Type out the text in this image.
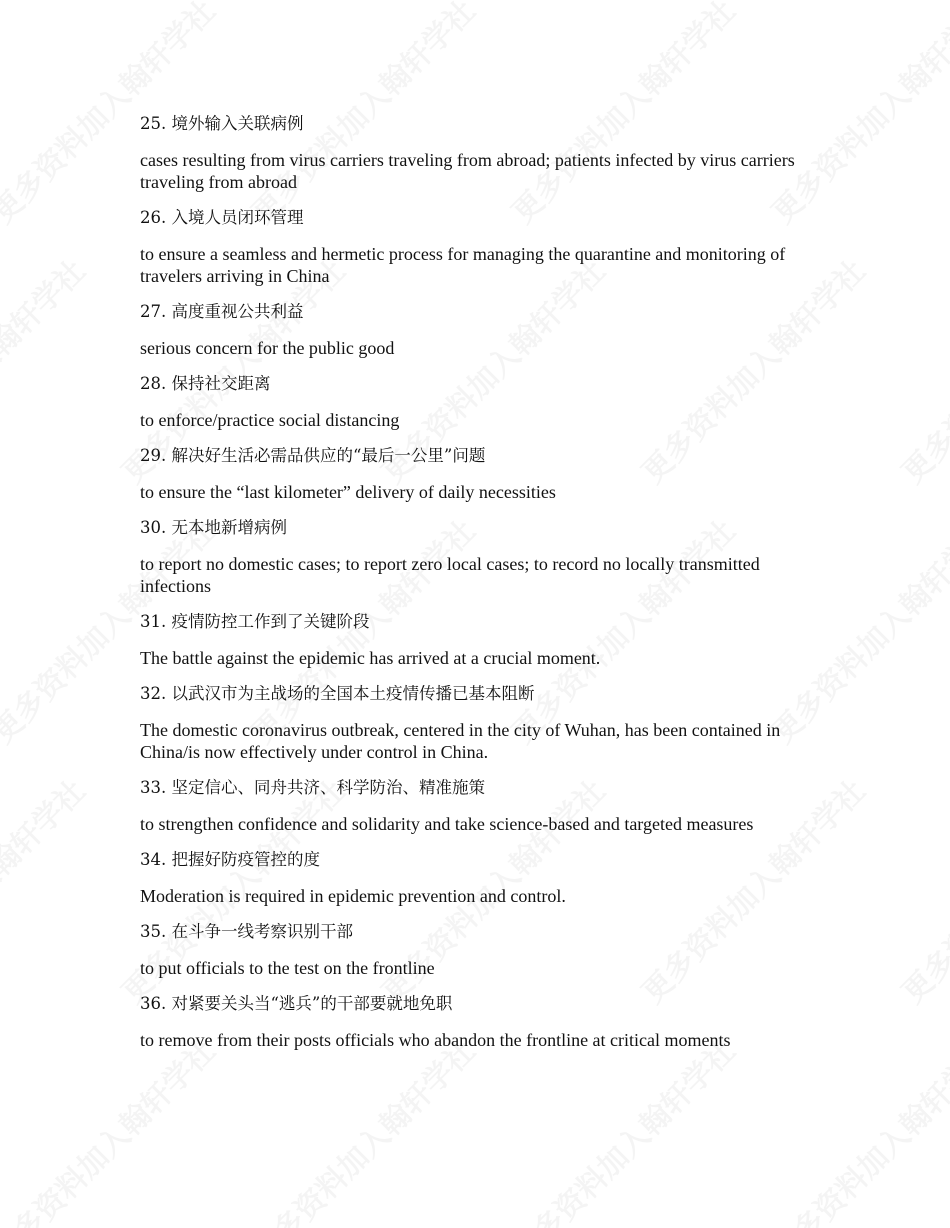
25. 境外输入关联病例

cases resulting from virus carriers traveling from abroad; patients infected by virus carriers traveling from abroad

26. 入境人员闭环管理

to ensure a seamless and hermetic process for managing the quarantine and monitoring of travelers arriving in China

27. 高度重视公共利益

serious concern for the public good

28. 保持社交距离

to enforce/practice social distancing

29. 解决好生活必需品供应的“最后一公里”问题

to ensure the “last kilometer” delivery of daily necessities

30. 无本地新增病例

to report no domestic cases; to report zero local cases; to record no locally transmitted infections

31. 疫情防控工作到了关键阶段

The battle against the epidemic has arrived at a crucial moment.

32. 以武汉市为主战场的全国本土疫情传播已基本阻断

The domestic coronavirus outbreak, centered in the city of Wuhan, has been contained in China/is now effectively under control in China.

33. 坚定信心、同舟共济、科学防治、精准施策

to strengthen confidence and solidarity and take science-based and targeted measures

34. 把握好防疫管控的度

Moderation is required in epidemic prevention and control.

35. 在斗争一线考察识别干部

to put officials to the test on the frontline

36. 对紧要关头当“逃兵”的干部要就地免职

to remove from their posts officials who abandon the frontline at critical moments
